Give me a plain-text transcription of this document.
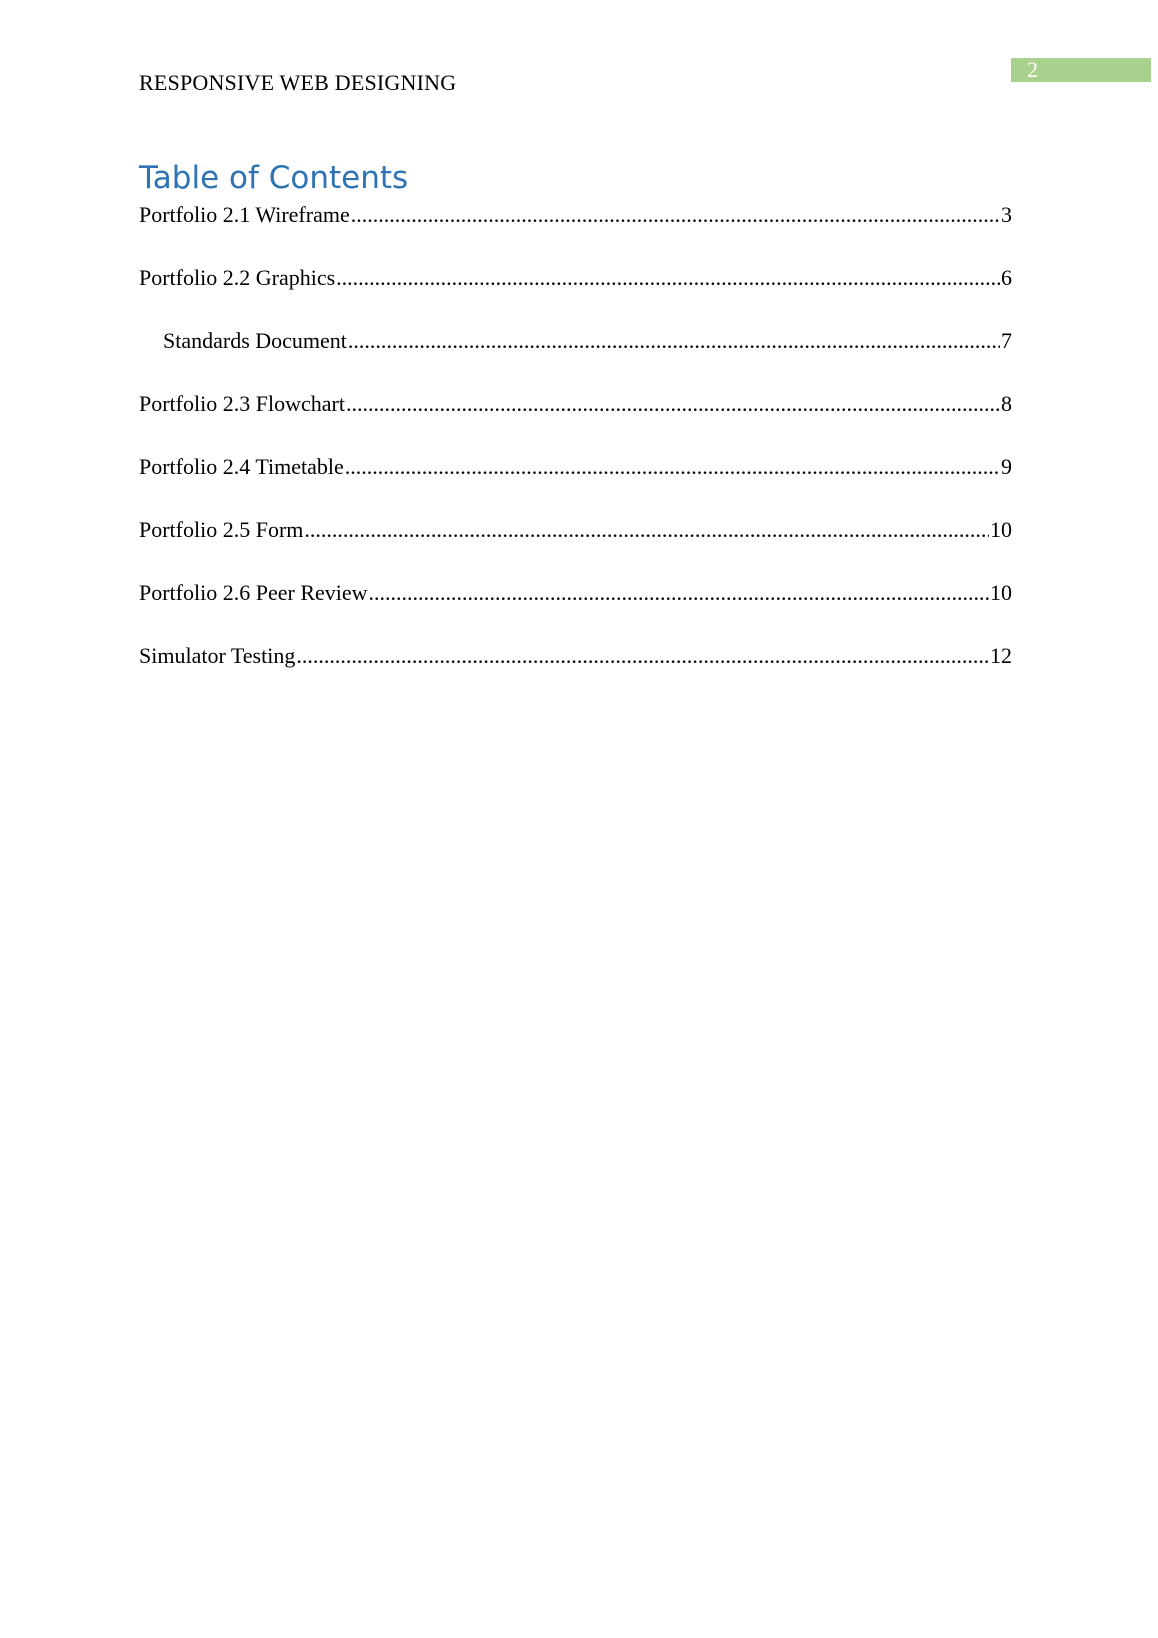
2
RESPONSIVE WEB DESIGNING
Table of Contents
Portfolio 2.1 Wireframe .....	3
Portfolio 2.2 Graphics .....	6
Standards Document .....	7
Portfolio 2.3 Flowchart .....	8
Portfolio 2.4 Timetable .....	9
Portfolio 2.5 Form .....	10
Portfolio 2.6 Peer Review .....	10
Simulator Testing .....	12
